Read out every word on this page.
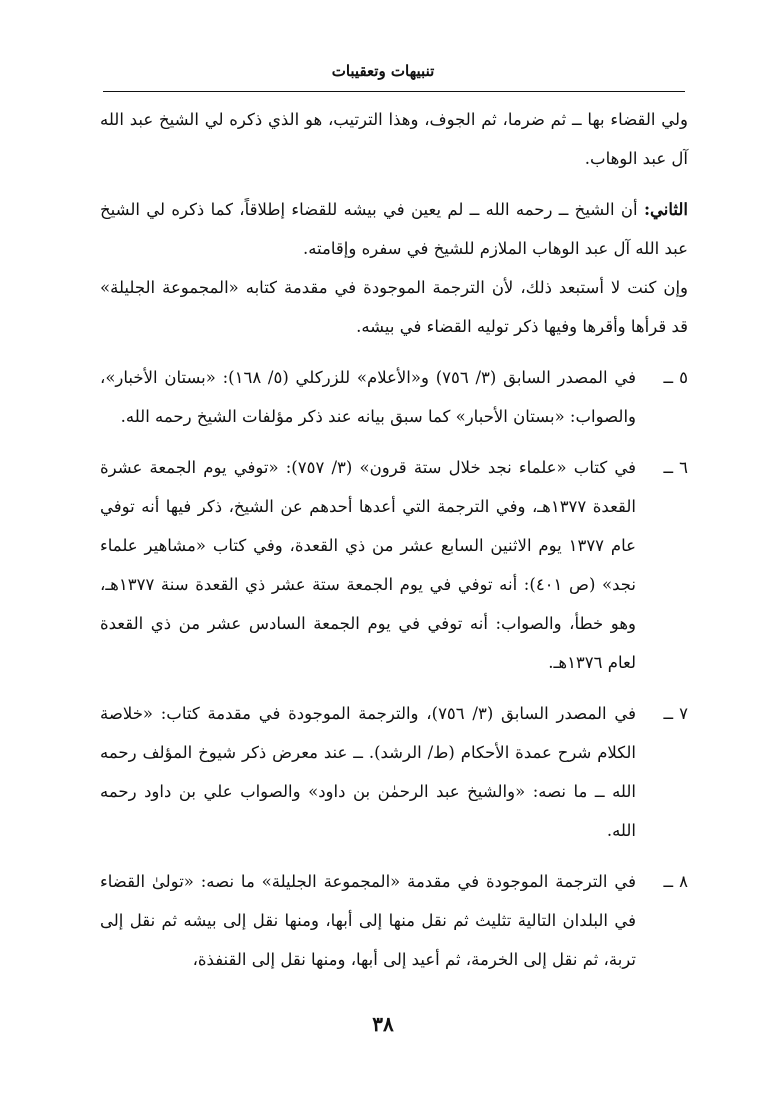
تنبيهات وتعقيبات

ولي القضاء بها ــ ثم ضرما، ثم الجوف، وهذا الترتيب، هو الذي ذكره لي الشيخ عبد الله آل عبد الوهاب.

الثاني: أن الشيخ ــ رحمه الله ــ لم يعين في بيشه للقضاء إطلاقاً، كما ذكره لي الشيخ عبد الله آل عبد الوهاب الملازم للشيخ في سفره وإقامته.

وإن كنت لا أستبعد ذلك، لأن الترجمة الموجودة في مقدمة كتابه «المجموعة الجليلة» قد قرأها وأقرها وفيها ذكر توليه القضاء في بيشه.

٥
ــ
في المصدر السابق (٣/ ٧٥٦) و«الأعلام» للزركلي (٥/ ١٦٨): «بستان الأخبار»، والصواب: «بستان الأحبار» كما سبق بيانه عند ذكر مؤلفات الشيخ رحمه الله.
٦
ــ
في كتاب «علماء نجد خلال ستة قرون» (٣/ ٧٥٧): «توفي يوم الجمعة عشرة القعدة ١٣٧٧هـ، وفي الترجمة التي أعدها أحدهم عن الشيخ، ذكر فيها أنه توفي عام ١٣٧٧ يوم الاثنين السابع عشر من ذي القعدة، وفي كتاب «مشاهير علماء نجد» (ص ٤٠١): أنه توفي في يوم الجمعة ستة عشر ذي القعدة سنة ١٣٧٧هـ، وهو خطأ، والصواب: أنه توفي في يوم الجمعة السادس عشر من ذي القعدة لعام ١٣٧٦هـ.
٧
ــ
في المصدر السابق (٣/ ٧٥٦)، والترجمة الموجودة في مقدمة كتاب: «خلاصة الكلام شرح عمدة الأحكام (ط/ الرشد). ــ عند معرض ذكر شيوخ المؤلف رحمه الله ــ ما نصه: «والشيخ عبد الرحمٰن بن داود» والصواب علي بن داود رحمه الله.
٨
ــ
في الترجمة الموجودة في مقدمة «المجموعة الجليلة» ما نصه: «تولىٰ القضاء في البلدان التالية تثليث ثم نقل منها إلى أبها، ومنها نقل إلى بيشه ثم نقل إلى تربة، ثم نقل إلى الخرمة، ثم أعيد إلى أبها، ومنها نقل إلى القنفذة،
٣٨
